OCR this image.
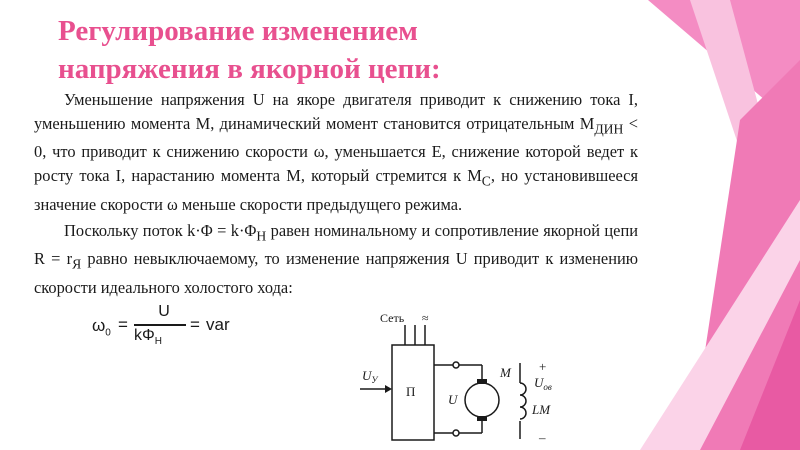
Регулирование изменением
напряжения в якорной цепи:

Уменьшение напряжения U на якоре двигателя приводит к снижению тока I, уменьшению момента M, динамический момент становится отрицательным $M_{ДИН} < 0$, что приводит к снижению скорости ω, уменьшается E, снижение которой ведет к росту тока I, нарастанию момента M, который стремится к $M_C$, но установившееся значение скорости ω меньше скорости предыдущего режима.

Поскольку поток $k\cdot\Phi = k\cdot\Phi_Н$ равен номинальному и сопротивление якорной цепи $R = r_Я$ равно невыключаемому, то изменение напряжения U приводит к изменению скорости идеального холостого хода:

$\omega_0$ =
U
$k\Phi_Н$
= var	Сеть ≈
П
$U_У$
U
M +
–
$U_{ов}$
LM
